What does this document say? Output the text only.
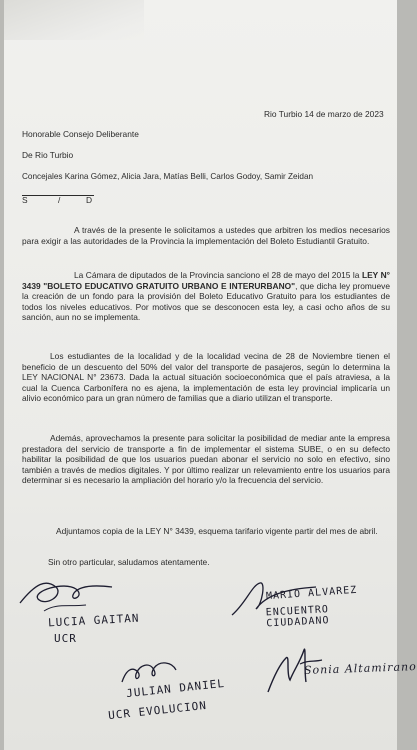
Rio Turbio 14 de marzo de 2023
Honorable Consejo Deliberante
De Rio Turbio
Concejales Karina Gómez, Alicia Jara, Matías Belli, Carlos Godoy, Samir Zeidan
S	/	D
A través de la presente le solicitamos a ustedes que arbitren los medios necesarios para exigir a las autoridades de la Provincia la implementación del Boleto Estudiantil Gratuito.
La Cámara de diputados de la Provincia sanciono el 28 de mayo del 2015 la LEY N° 3439 "BOLETO EDUCATIVO GRATUITO URBANO E INTERURBANO", que dicha ley promueve la creación de un fondo para la provisión del Boleto Educativo Gratuito para los estudiantes de todos los niveles educativos. Por motivos que se desconocen esta ley, a casi ocho años de su sanción, aun no se implementa.
Los estudiantes de la localidad y de la localidad vecina de 28 de Noviembre tienen el beneficio de un descuento del 50% del valor del transporte de pasajeros, según lo determina la LEY NACIONAL N° 23673. Dada la actual situación socioeconómica que el país atraviesa, a la cual la Cuenca Carbonífera no es ajena, la implementación de esta ley provincial implicaría un alivio económico para un gran número de familias que a diario utilizan el transporte.
Además, aprovechamos la presente para solicitar la posibilidad de mediar ante la empresa prestadora del servicio de transporte a fin de implementar el sistema SUBE, o en su defecto habilitar la posibilidad de que los usuarios puedan abonar el servicio no solo en efectivo, sino también a través de medios digitales. Y por último realizar un relevamiento entre los usuarios para determinar si es necesario la ampliación del horario y/o la frecuencia del servicio.
Adjuntamos copia de la LEY N° 3439, esquema tarifario vigente partir del mes de abril.
Sin otro particular, saludamos atentamente.
LUCIA GAITAN
UCR
MARIO ALVAREZ
ENCUENTRO CIUDADANO
JULIAN DANIEL
UCR EVOLUCION
Sonia Altamirano
